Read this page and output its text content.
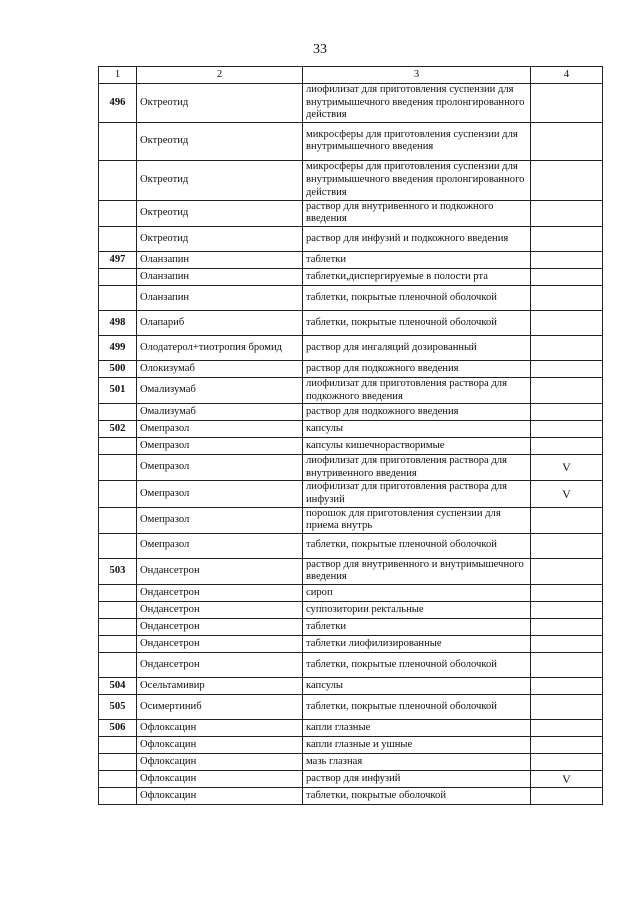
33
1	2	3	4
496	Октреотид	лиофилизат для приготовления суспензии для внутримышечного введения пролонгированного действия	
	Октреотид	микросферы для приготовления суспензии для внутримышечного введения	
	Октреотид	микросферы для приготовления суспензии для внутримышечного введения пролонгированного действия	
	Октреотид	раствор для внутривенного и подкожного введения	
	Октреотид	раствор для инфузий и подкожного введения	
497	Оланзапин	таблетки	
	Оланзапин	таблетки,диспергируемые в полости рта	
	Оланзапин	таблетки, покрытые пленочной оболочкой	
498	Олапариб	таблетки, покрытые пленочной оболочкой	
499	Олодатерол+тиотропия бромид	раствор для ингаляций дозированный	
500	Олокизумаб	раствор для подкожного введения	
501	Омализумаб	лиофилизат для приготовления раствора для подкожного введения	
	Омализумаб	раствор для подкожного введения	
502	Омепразол	капсулы	
	Омепразол	капсулы кишечнорастворимые	
	Омепразол	лиофилизат для приготовления раствора для внутривенного введения	V
	Омепразол	лиофилизат для приготовления раствора для инфузий	V
	Омепразол	порошок для приготовления суспензии для приема внутрь	
	Омепразол	таблетки, покрытые пленочной оболочкой	
503	Ондансетрон	раствор для внутривенного и внутримышечного введения	
	Ондансетрон	сироп	
	Ондансетрон	суппозитории ректальные	
	Ондансетрон	таблетки	
	Ондансетрон	таблетки лиофилизированные	
	Ондансетрон	таблетки, покрытые пленочной оболочкой	
504	Осельтамивир	капсулы	
505	Осимертиниб	таблетки, покрытые пленочной оболочкой	
506	Офлоксацин	капли глазные	
	Офлоксацин	капли глазные и ушные	
	Офлоксацин	мазь глазная	
	Офлоксацин	раствор для инфузий	V
	Офлоксацин	таблетки, покрытые оболочкой	
